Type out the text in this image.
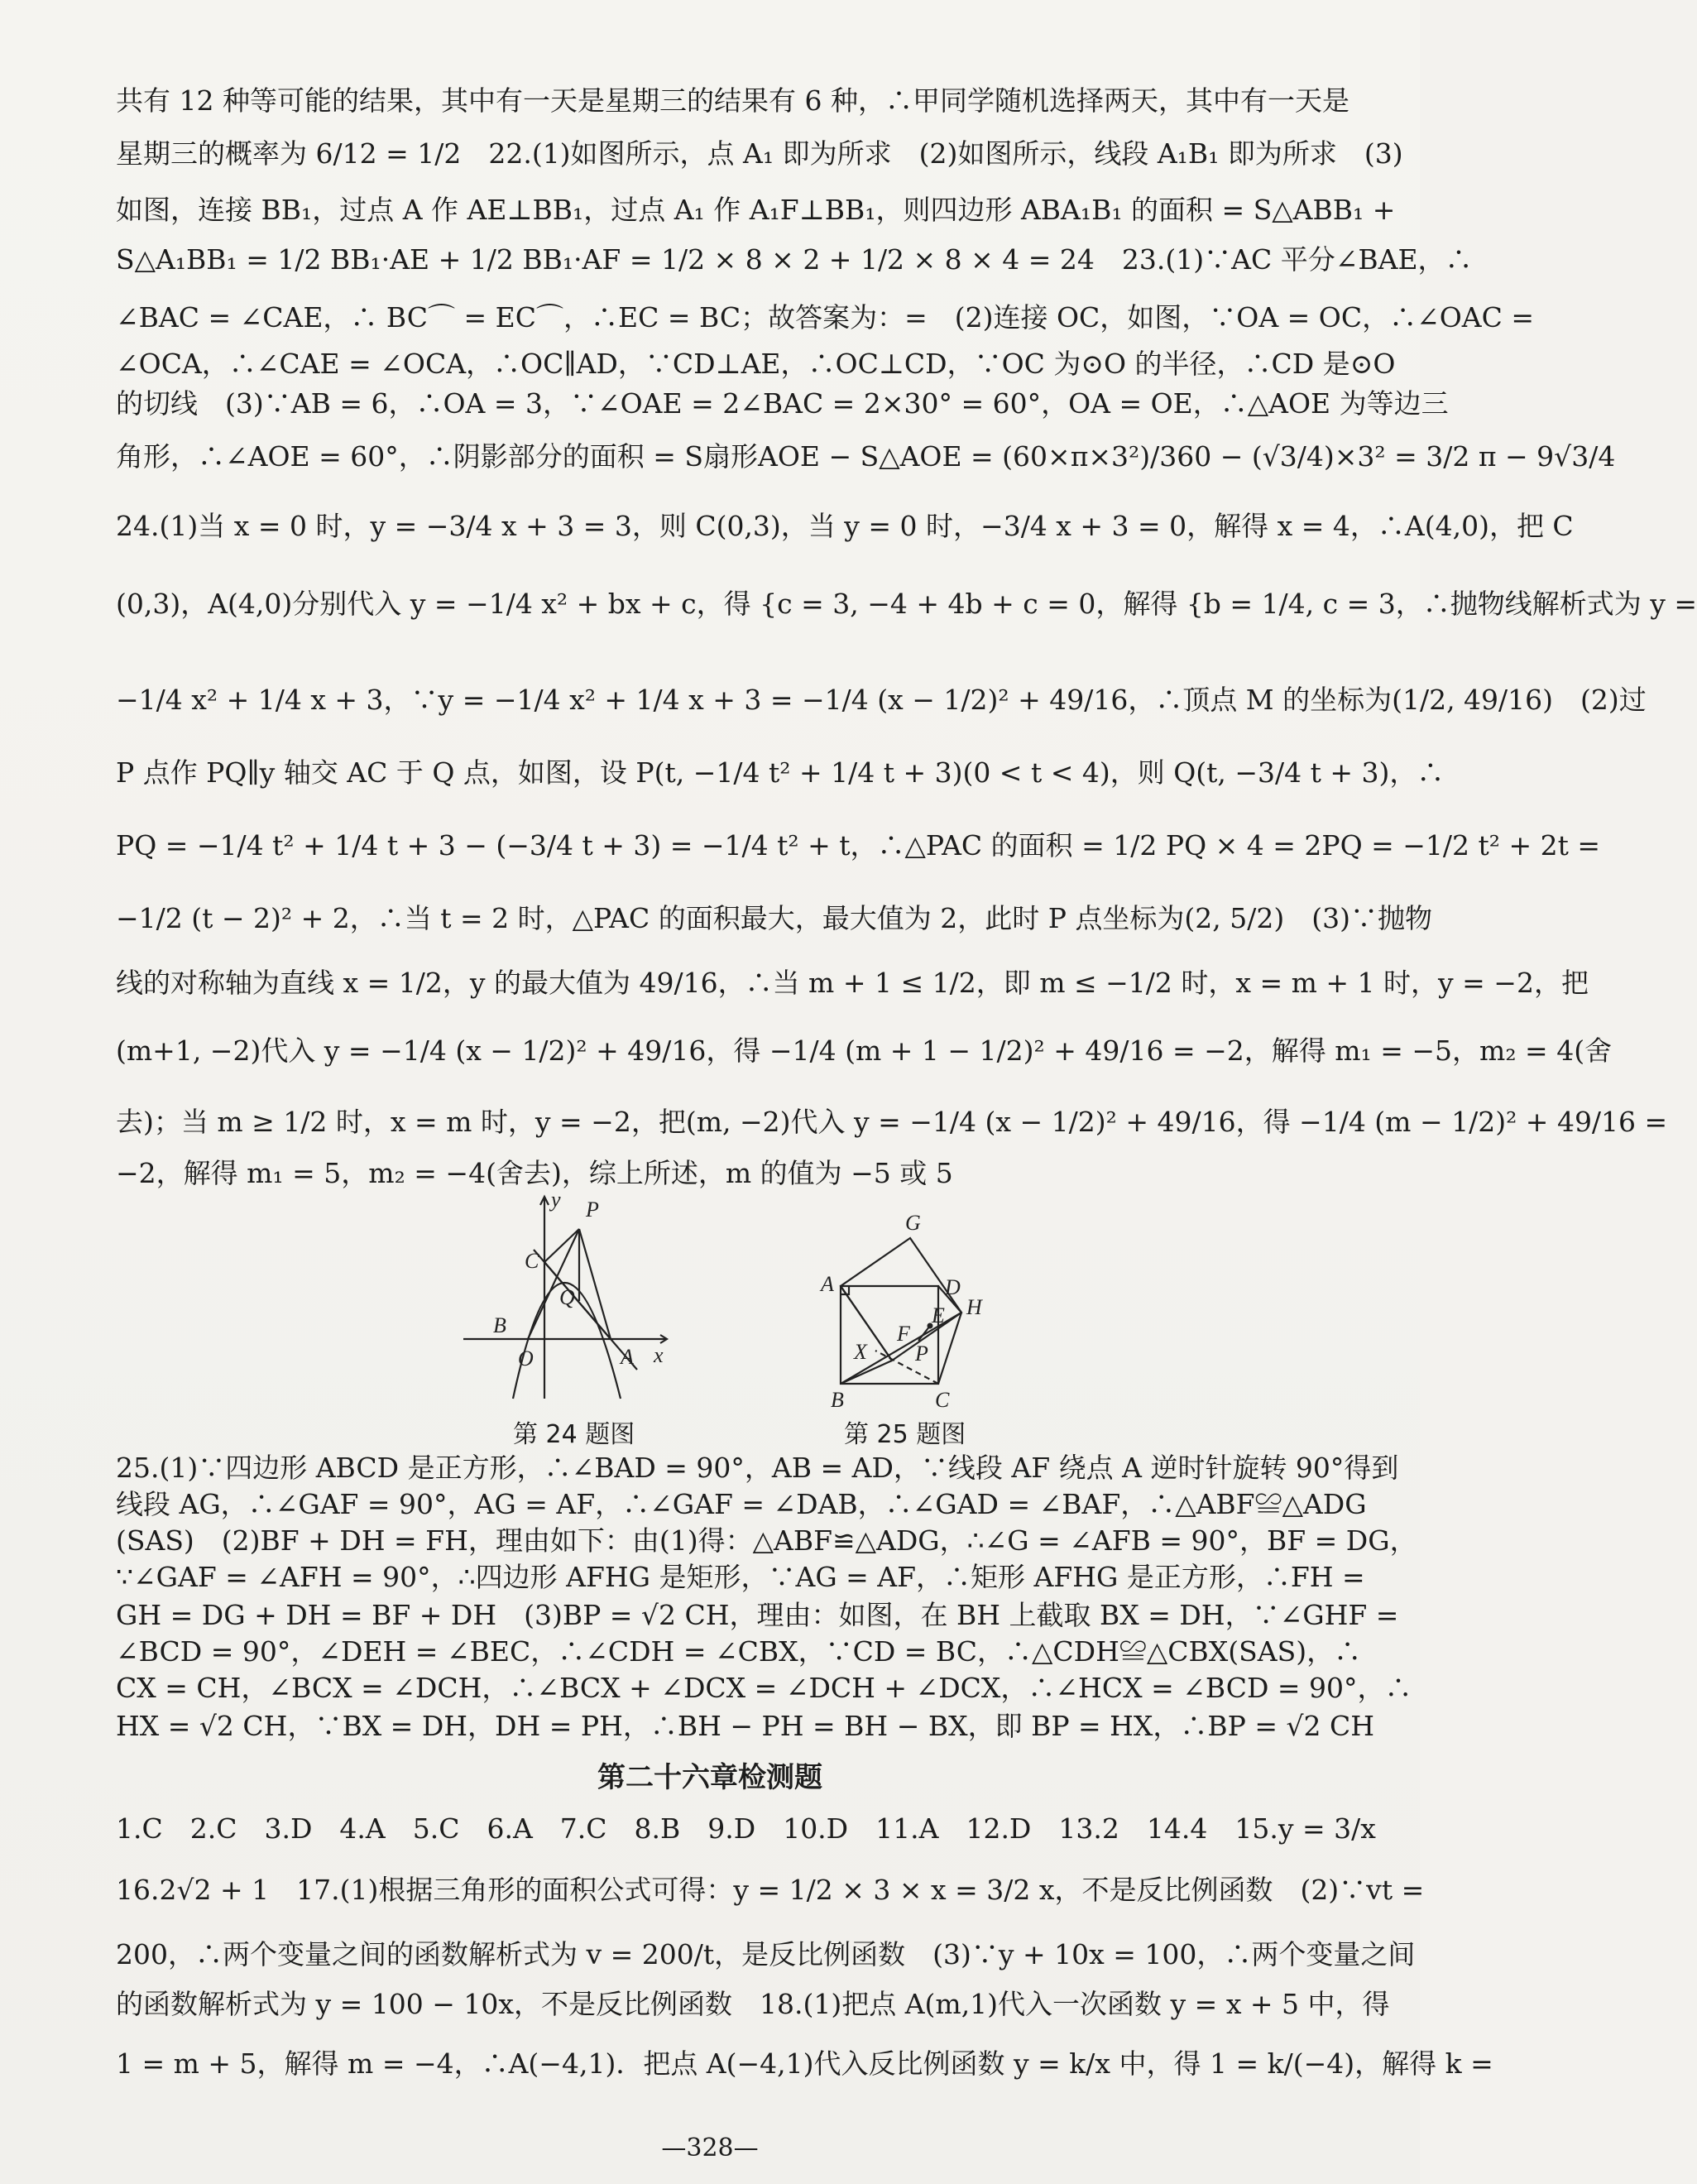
共有 12 种等可能的结果，其中有一天是星期三的结果有 6 种，∴甲同学随机选择两天，其中有一天是
星期三的概率为 6/12 = 1/2　22.(1)如图所示，点 A₁ 即为所求　(2)如图所示，线段 A₁B₁ 即为所求　(3)
如图，连接 BB₁，过点 A 作 AE⊥BB₁，过点 A₁ 作 A₁F⊥BB₁，则四边形 ABA₁B₁ 的面积 = S△ABB₁ +
S△A₁BB₁ = 1/2 BB₁·AE + 1/2 BB₁·AF = 1/2 × 8 × 2 + 1/2 × 8 × 4 = 24　23.(1)∵AC 平分∠BAE，∴
∠BAC = ∠CAE，∴ BC⌒ = EC⌒，∴EC = BC；故答案为：=　(2)连接 OC，如图，∵OA = OC，∴∠OAC =
∠OCA，∴∠CAE = ∠OCA，∴OC∥AD，∵CD⊥AE，∴OC⊥CD，∵OC 为⊙O 的半径，∴CD 是⊙O
的切线　(3)∵AB = 6，∴OA = 3，∵∠OAE = 2∠BAC = 2×30° = 60°，OA = OE，∴△AOE 为等边三
角形，∴∠AOE = 60°，∴阴影部分的面积 = S扇形AOE − S△AOE = (60×π×3²)/360 − (√3/4)×3² = 3/2 π − 9√3/4
24.(1)当 x = 0 时，y = −3/4 x + 3 = 3，则 C(0,3)，当 y = 0 时，−3/4 x + 3 = 0，解得 x = 4，∴A(4,0)，把 C
(0,3)，A(4,0)分别代入 y = −1/4 x² + bx + c，得 {c = 3, −4 + 4b + c = 0，解得 {b = 1/4, c = 3，∴抛物线解析式为 y =
−1/4 x² + 1/4 x + 3，∵y = −1/4 x² + 1/4 x + 3 = −1/4 (x − 1/2)² + 49/16，∴顶点 M 的坐标为(1/2, 49/16)　(2)过
P 点作 PQ∥y 轴交 AC 于 Q 点，如图，设 P(t, −1/4 t² + 1/4 t + 3)(0 < t < 4)，则 Q(t, −3/4 t + 3)，∴
PQ = −1/4 t² + 1/4 t + 3 − (−3/4 t + 3) = −1/4 t² + t，∴△PAC 的面积 = 1/2 PQ × 4 = 2PQ = −1/2 t² + 2t =
−1/2 (t − 2)² + 2，∴当 t = 2 时，△PAC 的面积最大，最大值为 2，此时 P 点坐标为(2, 5/2)　(3)∵抛物
线的对称轴为直线 x = 1/2，y 的最大值为 49/16，∴当 m + 1 ≤ 1/2，即 m ≤ −1/2 时，x = m + 1 时，y = −2，把
(m+1, −2)代入 y = −1/4 (x − 1/2)² + 49/16，得 −1/4 (m + 1 − 1/2)² + 49/16 = −2，解得 m₁ = −5，m₂ = 4(舍
去)；当 m ≥ 1/2 时，x = m 时，y = −2，把(m, −2)代入 y = −1/4 (x − 1/2)² + 49/16，得 −1/4 (m − 1/2)² + 49/16 =
−2，解得 m₁ = 5，m₂ = −4(舍去)，综上所述，m 的值为 −5 或 5
y
C
P
Q
B
O	A x
第 24 题图
G
A	D
F
E H
X P
B	C
第 25 题图
25.(1)∵四边形 ABCD 是正方形，∴∠BAD = 90°，AB = AD，∵线段 AF 绕点 A 逆时针旋转 90°得到
线段 AG，∴∠GAF = 90°，AG = AF，∴∠GAF = ∠DAB，∴∠GAD = ∠BAF，∴△ABF≌△ADG
(SAS)　(2)BF + DH = FH，理由如下：由(1)得：△ABF≌△ADG，∴∠G = ∠AFB = 90°，BF = DG，
∵∠GAF = ∠AFH = 90°，∴四边形 AFHG 是矩形，∵AG = AF，∴矩形 AFHG 是正方形，∴FH =
GH = DG + DH = BF + DH　(3)BP = √2 CH，理由：如图，在 BH 上截取 BX = DH，∵∠GHF =
∠BCD = 90°，∠DEH = ∠BEC，∴∠CDH = ∠CBX，∵CD = BC，∴△CDH≌△CBX(SAS)，∴
CX = CH，∠BCX = ∠DCH，∴∠BCX + ∠DCX = ∠DCH + ∠DCX，∴∠HCX = ∠BCD = 90°，∴
HX = √2 CH，∵BX = DH，DH = PH，∴BH − PH = BH − BX，即 BP = HX，∴BP = √2 CH
第二十六章检测题
1.C　2.C　3.D　4.A　5.C　6.A　7.C　8.B　9.D　10.D　11.A　12.D　13.2　14.4　15.y = 3/x
16.2√2 + 1　17.(1)根据三角形的面积公式可得：y = 1/2 × 3 × x = 3/2 x，不是反比例函数　(2)∵vt =
200，∴两个变量之间的函数解析式为 v = 200/t，是反比例函数　(3)∵y + 10x = 100，∴两个变量之间
的函数解析式为 y = 100 − 10x，不是反比例函数　18.(1)把点 A(m,1)代入一次函数 y = x + 5 中，得
1 = m + 5，解得 m = −4，∴A(−4,1)．把点 A(−4,1)代入反比例函数 y = k/x 中，得 1 = k/(−4)，解得 k =
—328—
